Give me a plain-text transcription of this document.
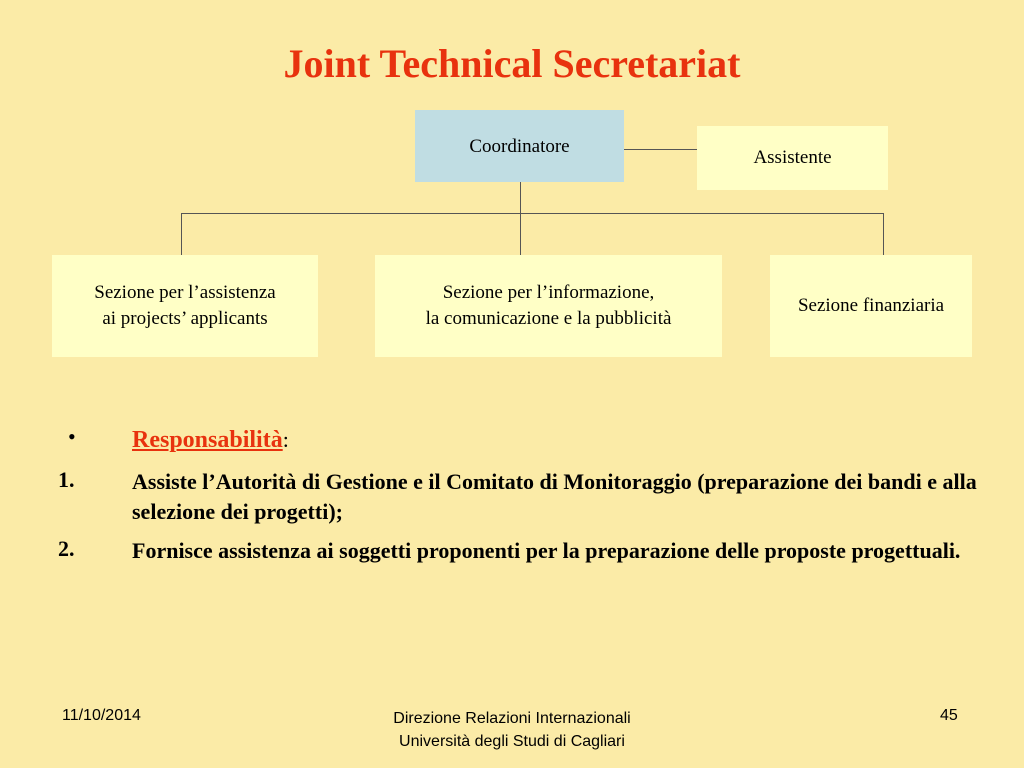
Joint Technical Secretariat
Coordinatore
Assistente
Sezione per l’assistenza
ai projects’ applicants
Sezione per l’informazione,
la comunicazione e la pubblicità
Sezione finanziaria
• Responsabilità:
1.	Assiste l’Autorità di Gestione e il Comitato di Monitoraggio (preparazione dei bandi e alla selezione dei progetti);
2.	Fornisce assistenza ai soggetti proponenti per la preparazione delle proposte progettuali.
11/10/2014	Direzione Relazioni Internazionali
Università degli Studi di Cagliari
45
